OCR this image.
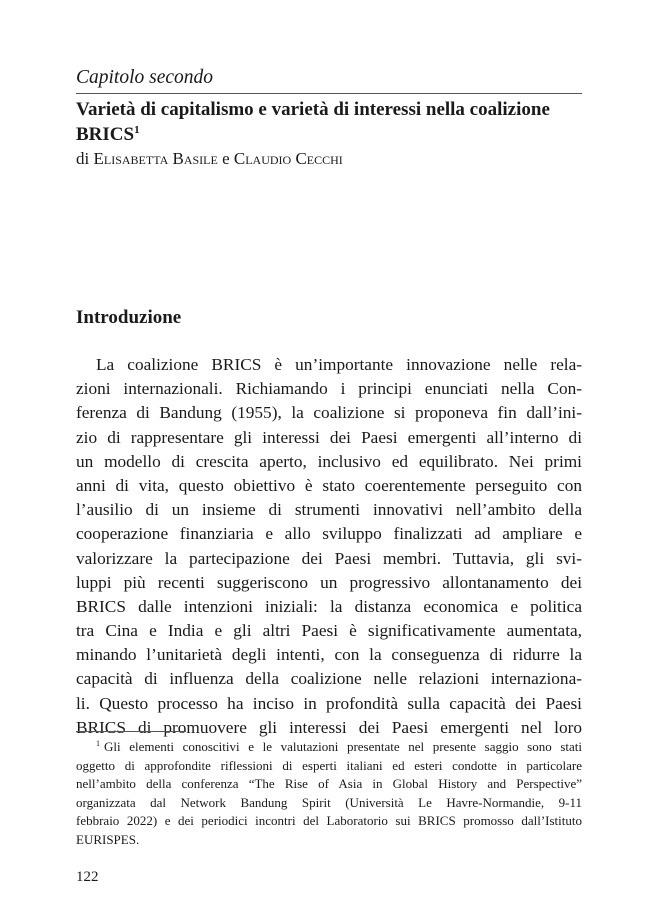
Capitolo secondo
Varietà di capitalismo e varietà di interessi nella coalizione BRICS$^1$
di Elisabetta Basile e Claudio Cecchi
Introduzione
La coalizione BRICS è un’importante innovazione nelle rela-
zioni internazionali. Richiamando i principi enunciati nella Con-
ferenza di Bandung (1955), la coalizione si proponeva fin dall’ini-
zio di rappresentare gli interessi dei Paesi emergenti all’interno di
un modello di crescita aperto, inclusivo ed equilibrato. Nei primi
anni di vita, questo obiettivo è stato coerentemente perseguito con
l’ausilio di un insieme di strumenti innovativi nell’ambito della
cooperazione finanziaria e allo sviluppo finalizzati ad ampliare e
valorizzare la partecipazione dei Paesi membri. Tuttavia, gli svi-
luppi più recenti suggeriscono un progressivo allontanamento dei
BRICS dalle intenzioni iniziali: la distanza economica e politica
tra Cina e India e gli altri Paesi è significativamente aumentata,
minando l’unitarietà degli intenti, con la conseguenza di ridurre la
capacità di influenza della coalizione nelle relazioni internaziona-
li. Questo processo ha inciso in profondità sulla capacità dei Paesi
BRICS di promuovere gli interessi dei Paesi emergenti nel loro
$^1$ Gli elementi conoscitivi e le valutazioni presentate nel presente saggio sono stati
oggetto di approfondite riflessioni di esperti italiani ed esteri condotte in particolare
nell’ambito della conferenza “The Rise of Asia in Global History and Perspective”
organizzata dal Network Bandung Spirit (Università Le Havre-Normandie, 9-11
febbraio 2022) e dei periodici incontri del Laboratorio sui BRICS promosso dall’Istituto
EURISPES.
122
